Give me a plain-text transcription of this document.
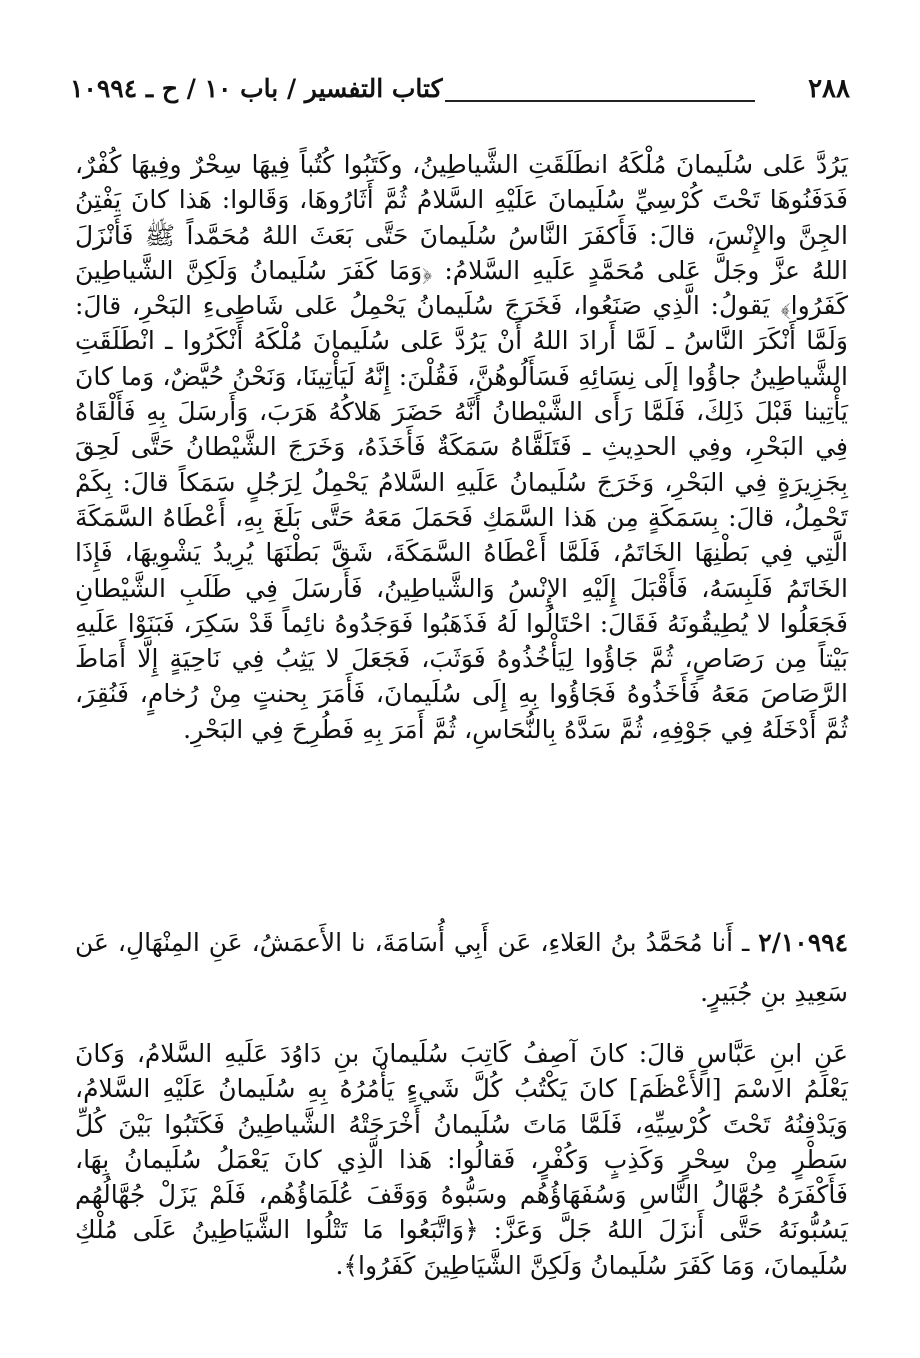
كتاب التفسير / باب ١٠ / ح ـ ١٠٩٩٤	٢٨٨

يَرُدَّ عَلى سُلَيمانَ مُلْكَهُ انطَلَقَتِ الشَّياطِينُ، وكَتَبُوا كُتُباً فِيهَا سِحْرٌ وفِيهَا كُفْرٌ، فَدَفَنُوهَا تَحْتَ كُرْسِيِّ سُلَيمانَ عَلَيْهِ السَّلامُ ثُمَّ أَثَارُوهَا، وَقَالوا: هَذا كانَ يَفْتِنُ الجِنَّ والإِنْسَ، قالَ: فَأَكفَرَ النَّاسُ سُلَيمانَ حَتَّى بَعَثَ اللهُ مُحَمَّداً ﷺ فَأَنْزَلَ اللهُ عزَّ وجَلَّ عَلى مُحَمَّدٍ عَلَيهِ السَّلامُ: ﴿وَمَا كَفَرَ سُلَيمانُ وَلَكِنَّ الشَّياطِينَ كَفَرُوا﴾ يَقولُ: الَّذِي صَنَعُوا، فَخَرَجَ سُلَيمانُ يَحْمِلُ عَلى شَاطِىءِ البَحْرِ، قالَ: وَلَمَّا أَنْكَرَ النَّاسُ ـ لَمَّا أَرادَ اللهُ أَنْ يَرُدَّ عَلى سُلَيمانَ مُلْكَهُ أَنْكَرُوا ـ انْطَلَقَتِ الشَّياطِينُ جاؤُوا إلَى نِسَائِهِ فَسَأَلُوهُنَّ، فَقُلْنَ: إِنَّهُ لَيَأْتِينَا، وَنَحْنُ حُيَّضٌ، وَما كانَ يَأْتِينا قَبْلَ ذَلِكَ، فَلَمَّا رَأَى الشَّيْطانُ أَنَّهُ حَضَرَ هَلاكُهُ هَرَبَ، وَأَرسَلَ بِهِ فَأَلْقَاهُ فِي البَحْرِ، وفِي الحدِيثِ ـ فَتَلَقَّاهُ سَمَكَةٌ فَأَخَذَهُ، وَخَرَجَ الشَّيْطانُ حَتَّى لَحِقَ بِجَزِيرَةٍ فِي البَحْرِ، وَخَرَجَ سُلَيمانُ عَلَيهِ السَّلامُ يَحْمِلُ لِرَجُلٍ سَمَكاً قالَ: بِكَمْ تَحْمِلُ، قالَ: بِسَمَكَةٍ مِن هَذا السَّمَكِ فَحَمَلَ مَعَهُ حَتَّى بَلَغَ بِهِ، أَعْطَاهُ السَّمَكَةَ الَّتِي فِي بَطْنِهَا الخَاتَمُ، فَلَمَّا أَعْطَاهُ السَّمَكَةَ، شَقَّ بَطْنَهَا يُرِيدُ يَشْوِيهَا، فَإِذَا الخَاتَمُ فَلَبِسَهُ، فَأَقْبَلَ إِلَيْهِ الإِنْسُ وَالشَّياطِينُ، فَأَرسَلَ فِي طَلَبِ الشَّيْطانِ فَجَعَلُوا لا يُطِيقُونَهُ فَقَالَ: احْتَالُوا لَهُ فَذَهَبُوا فَوَجَدُوهُ نائِماً قَدْ سَكِرَ، فَبَنَوْا عَلَيهِ بَيْتاً مِن رَصَاصٍ، ثُمَّ جَاؤُوا لِيَأْخُذُوهُ فَوَثَبَ، فَجَعَلَ لا يَثِبُ فِي نَاحِيَةٍ إِلَّا أَمَاطَ الرَّصَاصَ مَعَهُ فَأَخَذُوهُ فَجَاؤُوا بِهِ إِلَى سُلَيمانَ، فَأَمَرَ بِحنتٍ مِنْ رُخامٍ، فَنُقِرَ، ثُمَّ أَدْخَلَهُ فِي جَوْفِهِ، ثُمَّ سَدَّهُ بِالنُّحَاسِ، ثُمَّ أَمَرَ بِهِ فَطُرِحَ فِي البَحْرِ.

٢/١٠٩٩٤ ـ أَنا مُحَمَّدُ بنُ العَلاءِ، عَن أَبِي أُسَامَةَ، نا الأَعمَشُ، عَنِ المِنْهَالِ، عَن سَعِيدِ بنِ جُبَيرٍ.

عَنِ ابنِ عَبَّاسٍ قالَ: كانَ آصِفُ كَاتِبَ سُلَيمانَ بنِ دَاوُدَ عَلَيهِ السَّلامُ، وَكانَ يَعْلَمُ الاسْمَ [الأَعْظَمَ] كانَ يَكْتُبُ كُلَّ شَيءٍ يَأْمُرُهُ بِهِ سُلَيمانُ عَلَيْهِ السَّلامُ، وَيَدْفِنُهُ تَحْتَ كُرْسِيِّهِ، فَلَمَّا مَاتَ سُلَيمانُ أَخْرَجَتْهُ الشَّياطِينُ فَكَتَبُوا بَيْنَ كُلِّ سَطْرٍ مِنْ سِحْرٍ وَكَذِبٍ وَكُفْرٍ، فَقالُوا: هَذا الَّذِي كانَ يَعْمَلُ سُلَيمانُ بِهَا، فَأَكْفَرَهُ جُهَّالُ النَّاسِ وَسُفَهَاؤُهُم وسَبُّوهُ وَوَقَفَ عُلَمَاؤُهُم، فَلَمْ يَزَلْ جُهَّالُهُم يَسُبُّونَهُ حَتَّى أَنزَلَ اللهُ جَلَّ وَعَزَّ: ﴿وَاتَّبَعُوا مَا تَتْلُوا الشَّيَاطِينُ عَلَى مُلْكِ سُلَيمانَ، وَمَا كَفَرَ سُلَيمانُ وَلَكِنَّ الشَّيَاطِينَ كَفَرُوا﴾.
